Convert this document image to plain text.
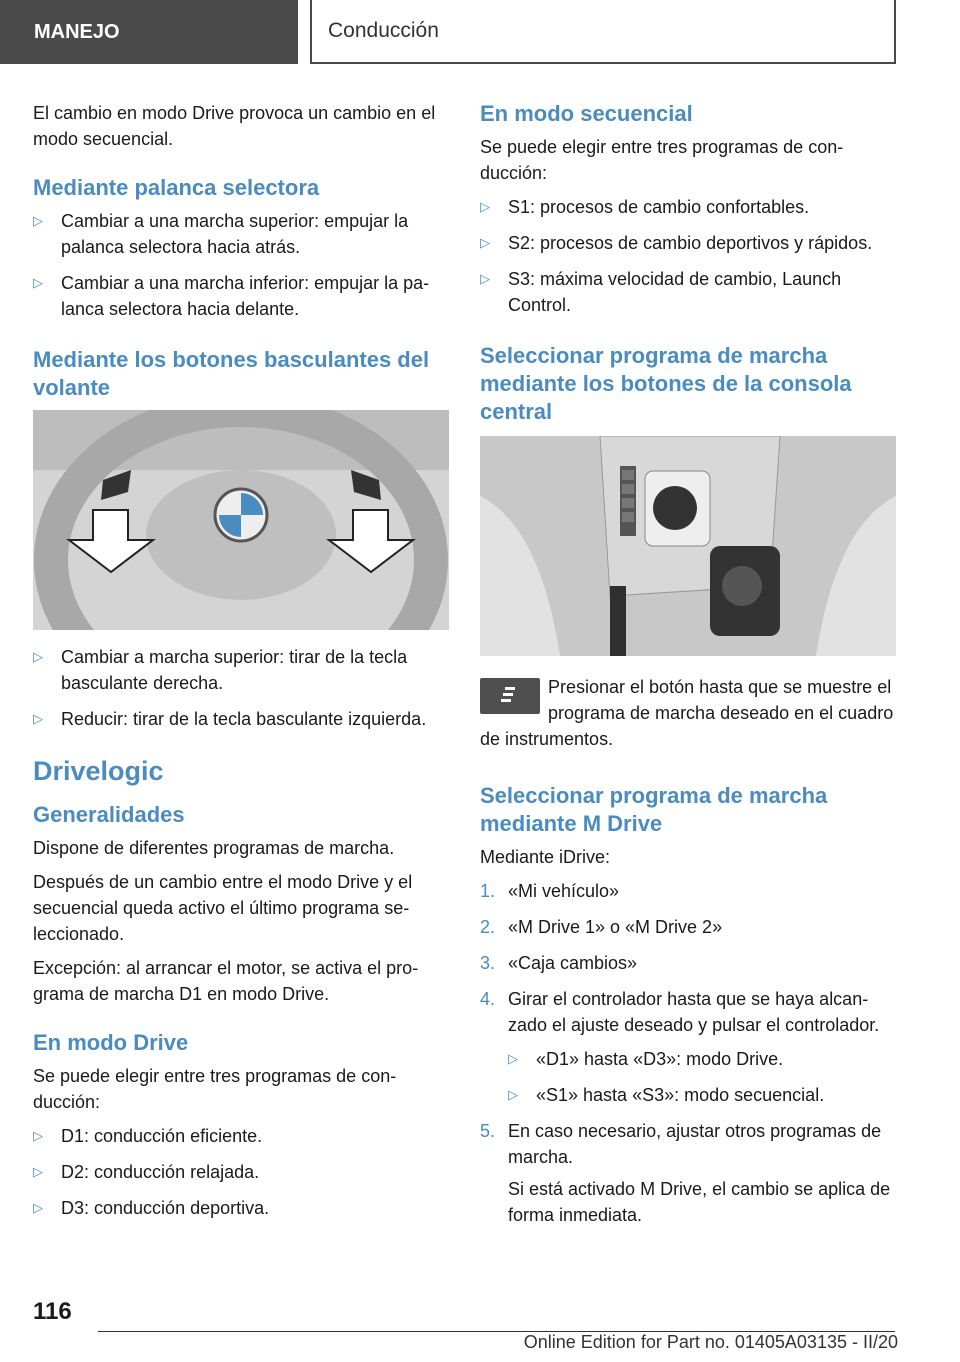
MANEJO	Conducción

El cambio en modo Drive provoca un cambio en el modo secuencial.

Mediante palanca selectora
▷ Cambiar a una marcha superior: empujar la palanca selectora hacia atrás.
▷ Cambiar a una marcha inferior: empujar la palanca selectora hacia delante.
Mediante los botones basculantes del volante
▷ Cambiar a marcha superior: tirar de la tecla basculante derecha.
▷ Reducir: tirar de la tecla basculante izquierda.
Drivelogic
Generalidades

Dispone de diferentes programas de marcha.

Después de un cambio entre el modo Drive y el secuencial queda activo el último programa seleccionado.

Excepción: al arrancar el motor, se activa el programa de marcha D1 en modo Drive.

En modo Drive

Se puede elegir entre tres programas de conducción:

▷ D1: conducción eficiente.
▷ D2: conducción relajada.
▷ D3: conducción deportiva.
En modo secuencial

Se puede elegir entre tres programas de conducción:

▷ S1: procesos de cambio confortables.
▷ S2: procesos de cambio deportivos y rápidos.
▷ S3: máxima velocidad de cambio, Launch Control.
Seleccionar programa de marcha mediante los botones de la consola central

Presionar el botón hasta que se muestre el programa de marcha deseado en el cuadro de instrumentos.

Seleccionar programa de marcha mediante M Drive

Mediante iDrive:

1. «Mi vehículo»
2. «M Drive 1» o «M Drive 2»
3. «Caja cambios»
4. Girar el controlador hasta que se haya alcanzado el ajuste deseado y pulsar el controlador.
▷ «D1» hasta «D3»: modo Drive.
▷ «S1» hasta «S3»: modo secuencial.
5. En caso necesario, ajustar otros programas de marcha.
Si está activado M Drive, el cambio se aplica de forma inmediata.
116
Online Edition for Part no. 01405A03135 - II/20
